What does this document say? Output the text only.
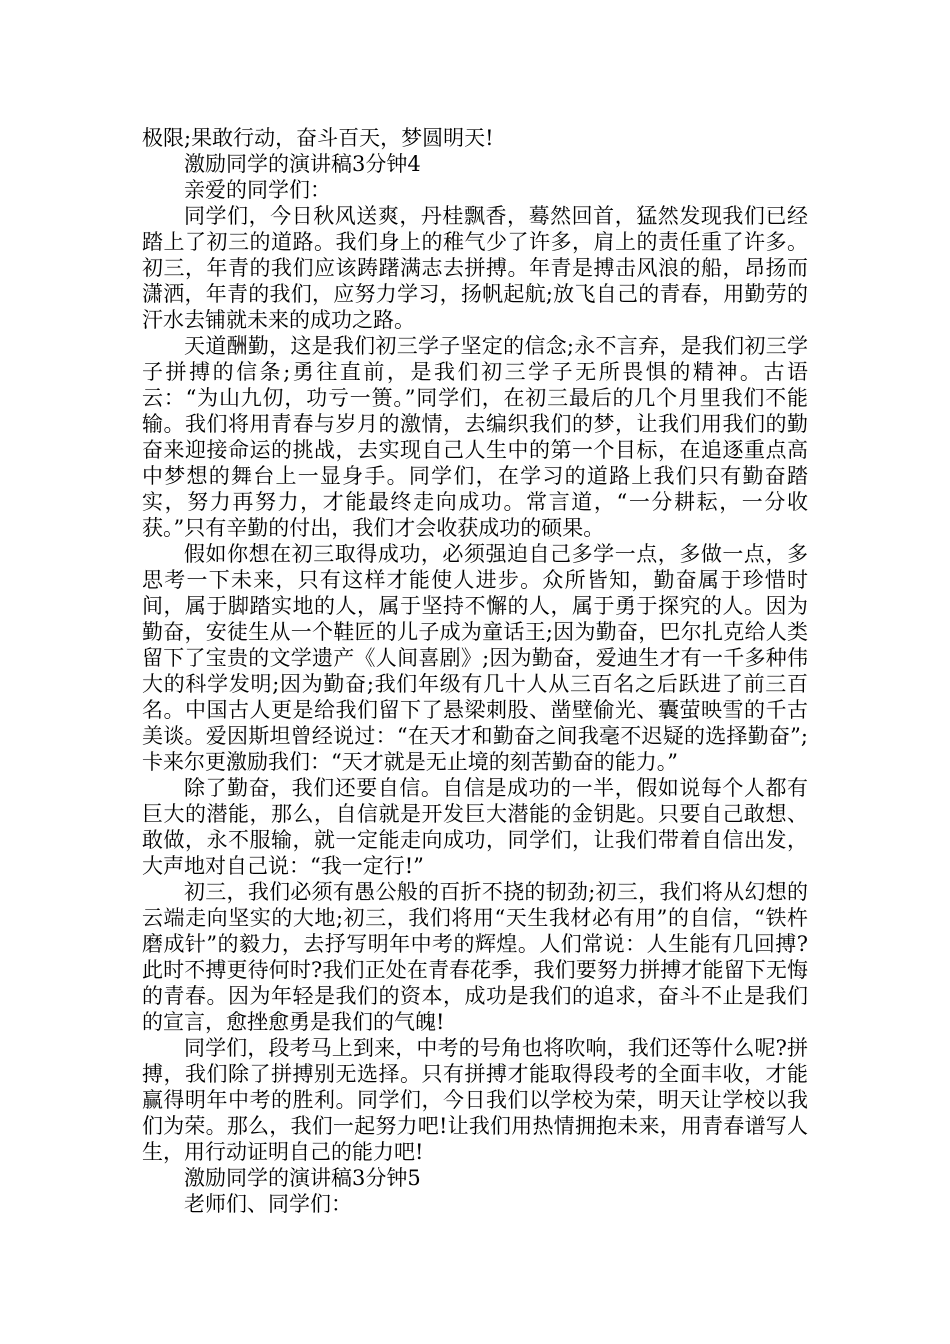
极限;果敢行动，奋斗百天，梦圆明天!

激励同学的演讲稿3分钟4

亲爱的同学们：

同学们，今日秋风送爽，丹桂飘香，蓦然回首，猛然发现我们已经踏上了初三的道路。我们身上的稚气少了许多，肩上的责任重了许多。初三，年青的我们应该踌躇满志去拼搏。年青是搏击风浪的船，昂扬而潇洒，年青的我们，应努力学习，扬帆起航;放飞自己的青春，用勤劳的汗水去铺就未来的成功之路。

天道酬勤，这是我们初三学子坚定的信念;永不言弃，是我们初三学子拼搏的信条;勇往直前，是我们初三学子无所畏惧的精神。古语云：“为山九仞，功亏一篑。”同学们，在初三最后的几个月里我们不能输。我们将用青春与岁月的激情，去编织我们的梦，让我们用我们的勤奋来迎接命运的挑战，去实现自己人生中的第一个目标，在追逐重点高中梦想的舞台上一显身手。同学们，在学习的道路上我们只有勤奋踏实，努力再努力，才能最终走向成功。常言道，“一分耕耘，一分收获。”只有辛勤的付出，我们才会收获成功的硕果。

假如你想在初三取得成功，必须强迫自己多学一点，多做一点，多思考一下未来，只有这样才能使人进步。众所皆知，勤奋属于珍惜时间，属于脚踏实地的人，属于坚持不懈的人，属于勇于探究的人。因为勤奋，安徒生从一个鞋匠的儿子成为童话王;因为勤奋，巴尔扎克给人类留下了宝贵的文学遗产《人间喜剧》;因为勤奋，爱迪生才有一千多种伟大的科学发明;因为勤奋;我们年级有几十人从三百名之后跃进了前三百名。中国古人更是给我们留下了悬梁刺股、凿壁偷光、囊萤映雪的千古美谈。爱因斯坦曾经说过：“在天才和勤奋之间我毫不迟疑的选择勤奋”;卡来尔更激励我们：“天才就是无止境的刻苦勤奋的能力。”

除了勤奋，我们还要自信。自信是成功的一半，假如说每个人都有巨大的潜能，那么，自信就是开发巨大潜能的金钥匙。只要自己敢想、敢做，永不服输，就一定能走向成功，同学们，让我们带着自信出发，大声地对自己说：“我一定行!”

初三，我们必须有愚公般的百折不挠的韧劲;初三，我们将从幻想的云端走向坚实的大地;初三，我们将用“天生我材必有用”的自信，“铁杵磨成针”的毅力，去抒写明年中考的辉煌。人们常说：人生能有几回搏?此时不搏更待何时?我们正处在青春花季，我们要努力拼搏才能留下无悔的青春。因为年轻是我们的资本，成功是我们的追求，奋斗不止是我们的宣言，愈挫愈勇是我们的气魄!

同学们，段考马上到来，中考的号角也将吹响，我们还等什么呢?拼搏，我们除了拼搏别无选择。只有拼搏才能取得段考的全面丰收，才能赢得明年中考的胜利。同学们，今日我们以学校为荣，明天让学校以我们为荣。那么，我们一起努力吧!让我们用热情拥抱未来，用青春谱写人生，用行动证明自己的能力吧!

激励同学的演讲稿3分钟5

老师们、同学们：
